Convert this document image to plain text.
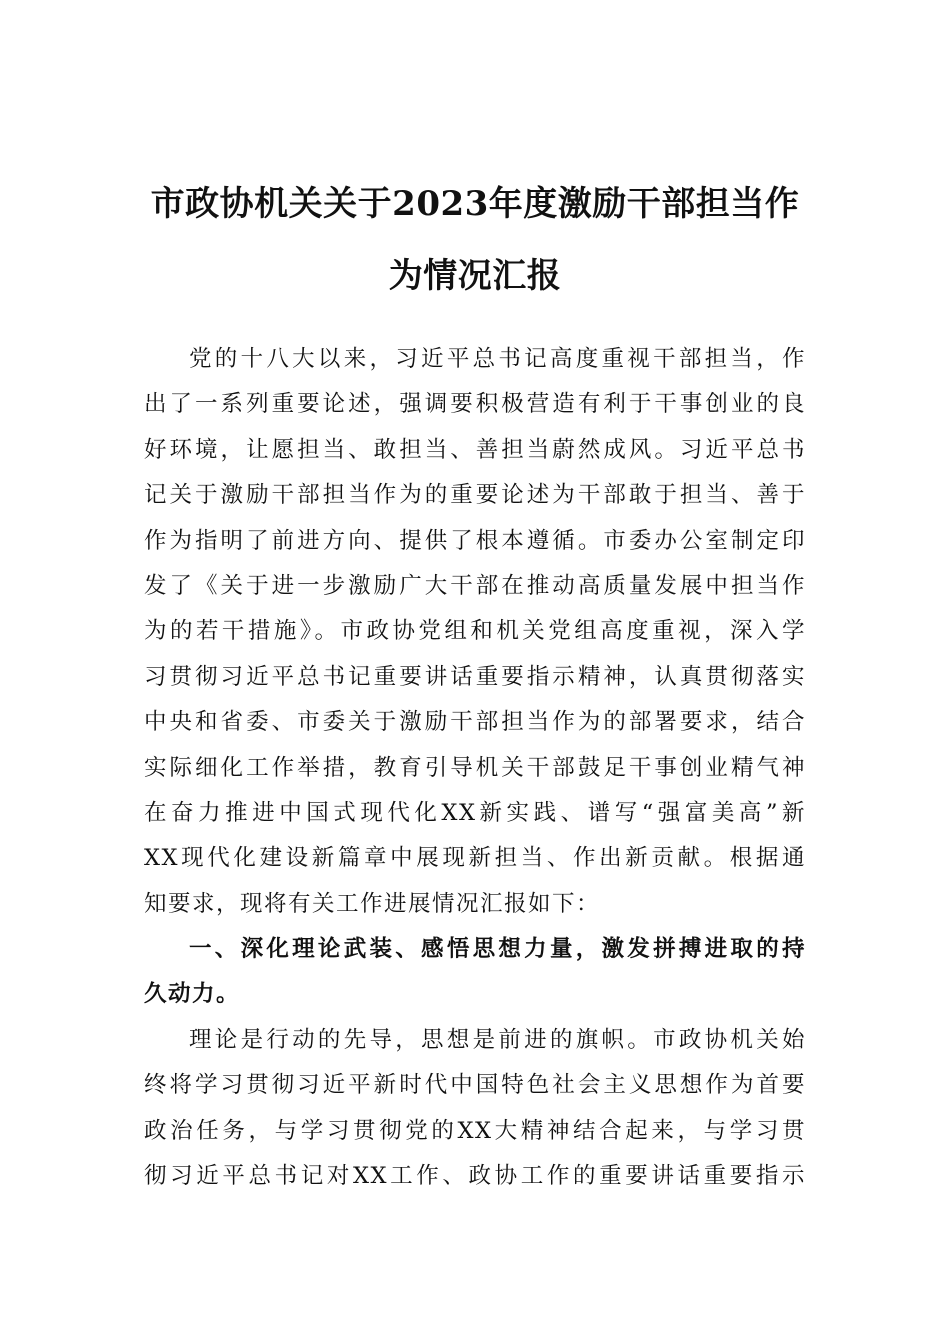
市政协机关关于2023年度激励干部担当作
为情况汇报
党的十八大以来，习近平总书记高度重视干部担当，作
出了一系列重要论述，强调要积极营造有利于干事创业的良
好环境，让愿担当、敢担当、善担当蔚然成风。习近平总书
记关于激励干部担当作为的重要论述为干部敢于担当、善于
作为指明了前进方向、提供了根本遵循。市委办公室制定印
发了《关于进一步激励广大干部在推动高质量发展中担当作
为的若干措施》。市政协党组和机关党组高度重视，深入学
习贯彻习近平总书记重要讲话重要指示精神，认真贯彻落实
中央和省委、市委关于激励干部担当作为的部署要求，结合
实际细化工作举措，教育引导机关干部鼓足干事创业精气神
在奋力推进中国式现代化XX新实践、谱写“强富美高”新
XX现代化建设新篇章中展现新担当、作出新贡献。根据通
知要求，现将有关工作进展情况汇报如下：
一、深化理论武装、感悟思想力量，激发拼搏进取的持
久动力。
理论是行动的先导，思想是前进的旗帜。市政协机关始
终将学习贯彻习近平新时代中国特色社会主义思想作为首要
政治任务，与学习贯彻党的XX大精神结合起来，与学习贯
彻习近平总书记对XX工作、政协工作的重要讲话重要指示
